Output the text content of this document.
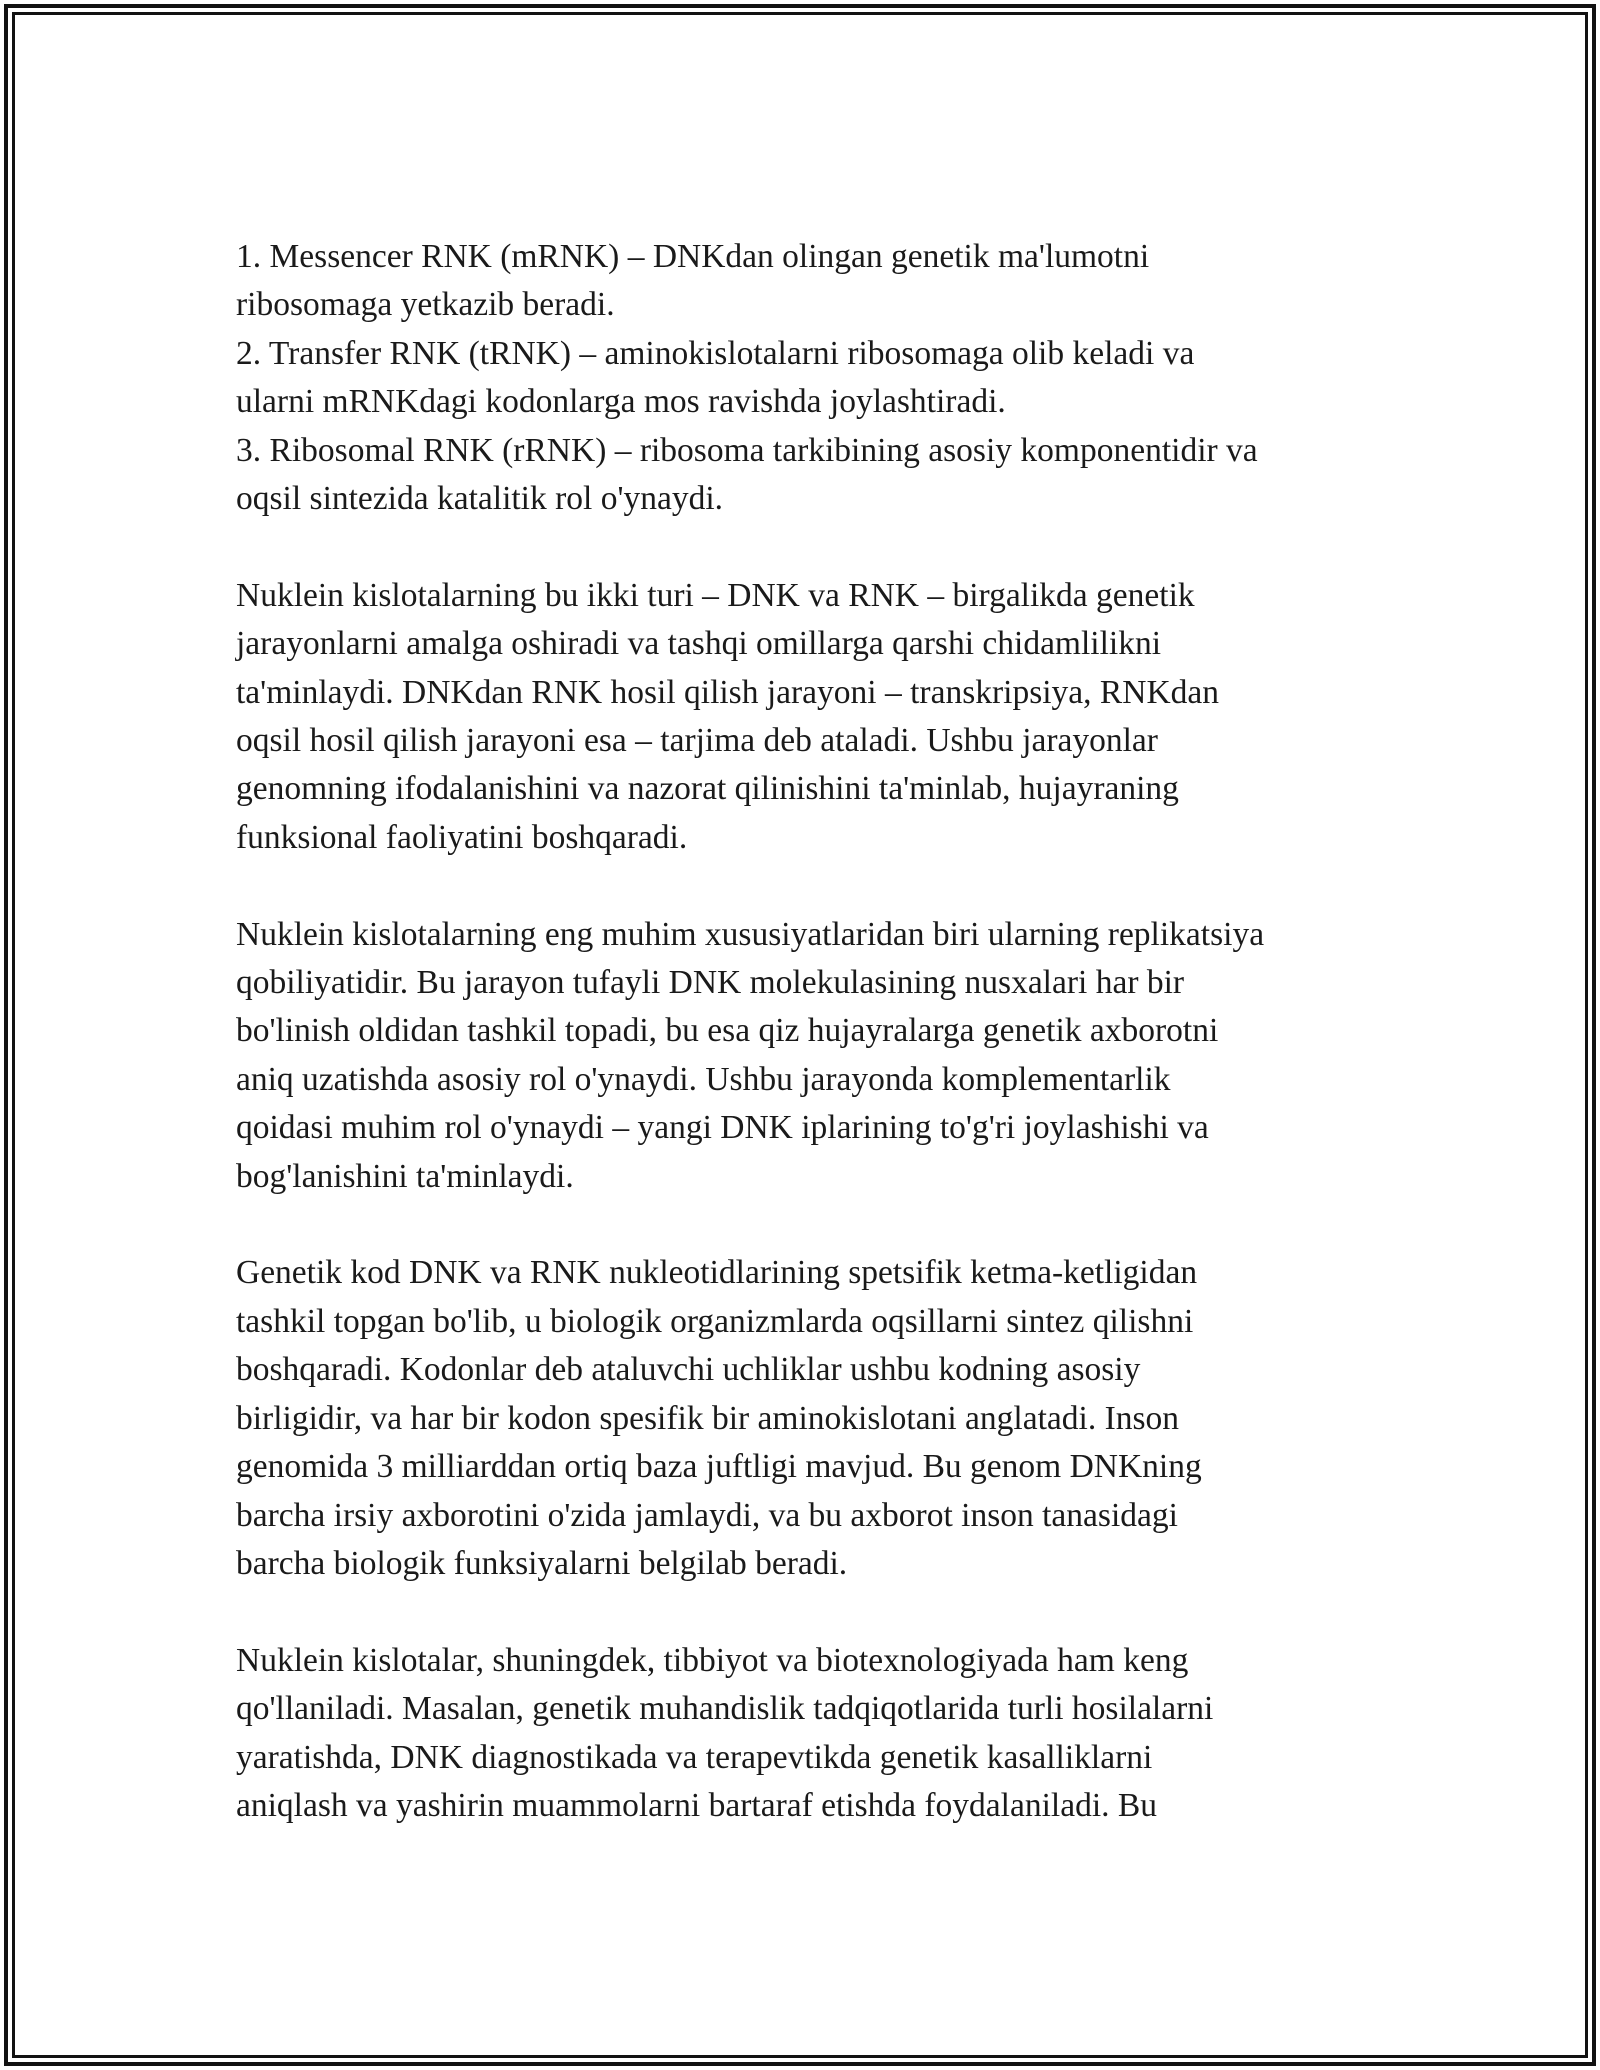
1. Messencer RNK (mRNK) – DNKdan olingan genetik ma'lumotni
ribosomaga yetkazib beradi.
2. Transfer RNK (tRNK) – aminokislotalarni ribosomaga olib keladi va
ularni mRNKdagi kodonlarga mos ravishda joylashtiradi.
3. Ribosomal RNK (rRNK) – ribosoma tarkibining asosiy komponentidir va
oqsil sintezida katalitik rol o'ynaydi.
Nuklein kislotalarning bu ikki turi – DNK va RNK – birgalikda genetik
jarayonlarni amalga oshiradi va tashqi omillarga qarshi chidamlilikni
ta'minlaydi. DNKdan RNK hosil qilish jarayoni – transkripsiya, RNKdan
oqsil hosil qilish jarayoni esa – tarjima deb ataladi. Ushbu jarayonlar
genomning ifodalanishini va nazorat qilinishini ta'minlab, hujayraning
funksional faoliyatini boshqaradi.
Nuklein kislotalarning eng muhim xususiyatlaridan biri ularning replikatsiya
qobiliyatidir. Bu jarayon tufayli DNK molekulasining nusxalari har bir
bo'linish oldidan tashkil topadi, bu esa qiz hujayralarga genetik axborotni
aniq uzatishda asosiy rol o'ynaydi. Ushbu jarayonda komplementarlik
qoidasi muhim rol o'ynaydi – yangi DNK iplarining to'g'ri joylashishi va
bog'lanishini ta'minlaydi.
Genetik kod DNK va RNK nukleotidlarining spetsifik ketma-ketligidan
tashkil topgan bo'lib, u biologik organizmlarda oqsillarni sintez qilishni
boshqaradi. Kodonlar deb ataluvchi uchliklar ushbu kodning asosiy
birligidir, va har bir kodon spesifik bir aminokislotani anglatadi. Inson
genomida 3 milliarddan ortiq baza juftligi mavjud. Bu genom DNKning
barcha irsiy axborotini o'zida jamlaydi, va bu axborot inson tanasidagi
barcha biologik funksiyalarni belgilab beradi.
Nuklein kislotalar, shuningdek, tibbiyot va biotexnologiyada ham keng
qo'llaniladi. Masalan, genetik muhandislik tadqiqotlarida turli hosilalarni
yaratishda, DNK diagnostikada va terapevtikda genetik kasalliklarni
aniqlash va yashirin muammolarni bartaraf etishda foydalaniladi. Bu
